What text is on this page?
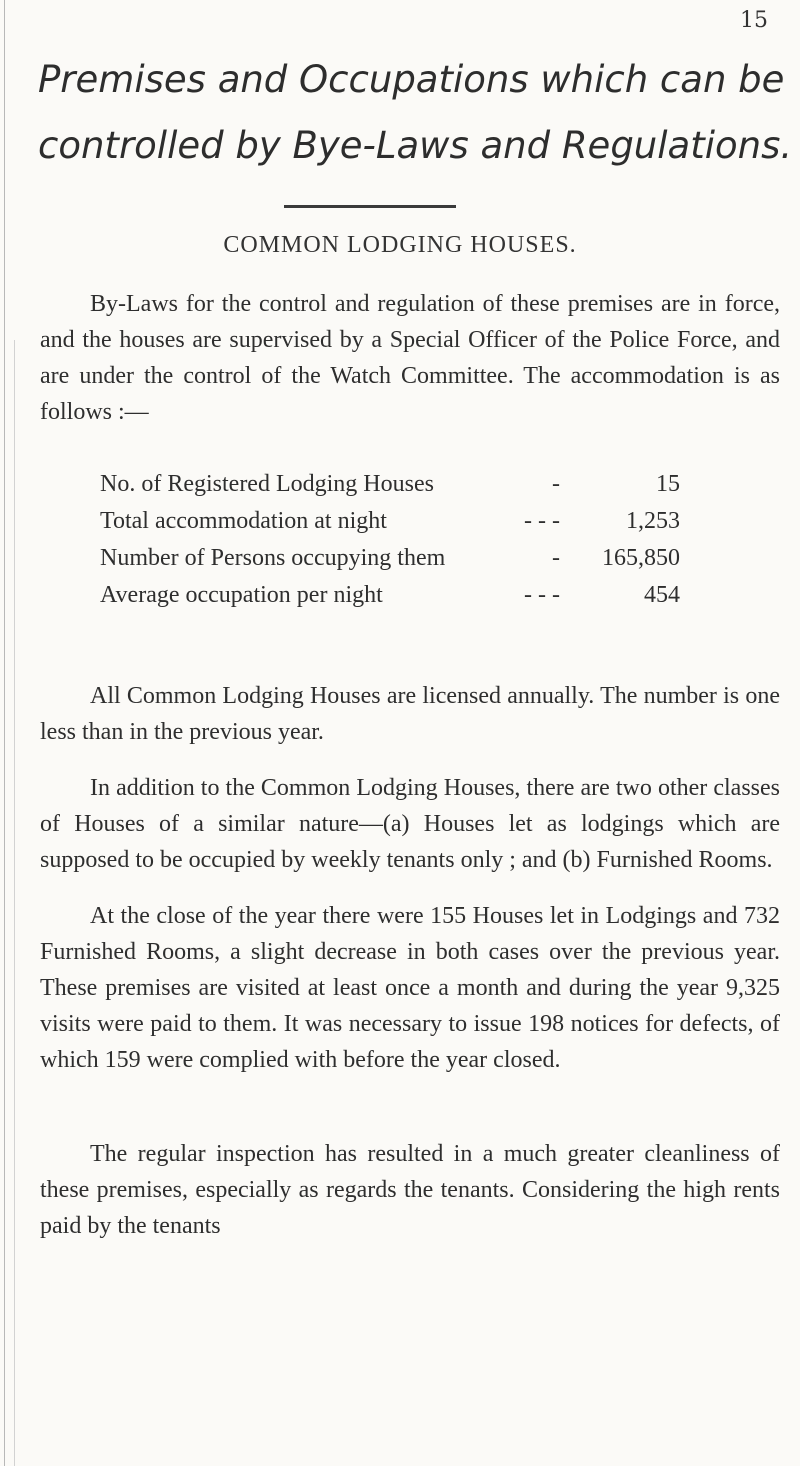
15
Premises and Occupations which can be
controlled by Bye-Laws and Regulations.
COMMON LODGING HOUSES.

By-Laws for the control and regulation of these premises are in force, and the houses are supervised by a Special Officer of the Police Force, and are under the control of the Watch Committee. The accommodation is as follows :—

No. of Registered Lodging Houses	-	15
Total accommodation at night	- - -	1,253
Number of Persons occupying them	- 165,850
Average occupation per night	- - -	454

All Common Lodging Houses are licensed annually. The number is one less than in the previous year.

In addition to the Common Lodging Houses, there are two other classes of Houses of a similar nature—(a) Houses let as lodgings which are supposed to be occupied by weekly tenants only ; and (b) Furnished Rooms.

At the close of the year there were 155 Houses let in Lodgings and 732 Furnished Rooms, a slight decrease in both cases over the previous year. These premises are visited at least once a month and during the year 9,325 visits were paid to them. It was necessary to issue 198 notices for defects, of which 159 were complied with before the year closed.

The regular inspection has resulted in a much greater cleanliness of these premises, especially as regards the tenants. Considering the high rents paid by the tenants
